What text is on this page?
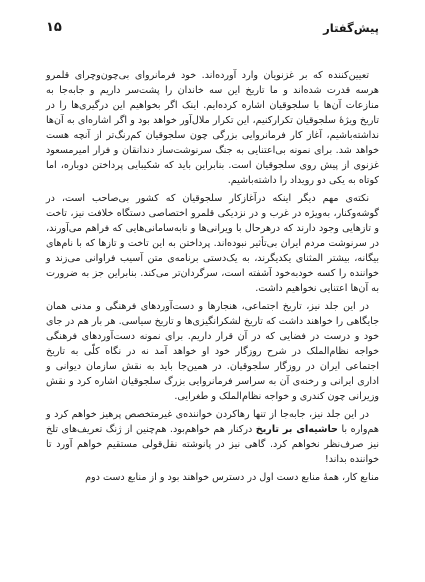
پیش‌گفتار
۱۵

تعیین‌کننده که بر غزنویان وارد آورده‌اند. خود فرمانروای بی‌چون‌وچرای قلمرو هرسه قدرت شده‌اند و ما تاریخ این سه خاندان را پشت‌سر داریم و جابه‌جا به منازعات آن‌ها با سلجوقیان اشاره کرده‌ایم. اینک اگر بخواهیم این درگیری‌ها را در تاریخ ویژهٔ سلجوقیان تکرارکنیم، این تکرار ملال‌آور خواهد بود و اگر اشاره‌ای به آن‌ها نداشته‌باشیم، آغاز کار فرمانروایی بزرگی چون سلجوقیان کم‌رنگ‌تر از آنچه هست خواهد شد. برای نمونه بی‌اعتنایی به جنگ سرنوشت‌ساز دندانقان و فرار امیرمسعود غزنوی از پیش روی سلجوقیان است. بنابراین باید که شکیبایی پرداختن دوباره، اما کوتاه به یکی دو رویداد را داشته‌باشیم.

نکته‌ی مهم دیگر اینکه درآغازکار سلجوقیان که کشور بی‌صاحب است، در گوشه‌وکنار، به‌ویژه در غرب و در نزدیکی قلمرو اختصاصی دستگاه خلافت نیز، تاخت و تازهایی وجود دارند که درهرحال با ویرانی‌ها و نابه‌سامانی‌هایی که فراهم می‌آورند، در سرنوشت مردم ایران بی‌تأثیر نبوده‌اند. پرداختن به این تاخت و تازها که با نام‌های بیگانه، بیشتر المثنای یکدیگرند، به یک‌دستی برنامه‌ی متن آسیب فراوانی می‌زند و خواننده را کسه خودبه‌خود آشفته است، سرگردان‌تر می‌کند. بنابراین جز به ضرورت به آن‌ها اعتنایی نخواهیم داشت.

در این جلد نیز، تاریخ اجتماعی، هنجارها و دست‌آوردهای فرهنگی و مدنی همان جایگاهی را خواهند داشت که تاریخ لشکرانگیزی‌ها و تاریخ سیاسی. هر بار هم در جای خود و درست در فضایی که در آن قرار داریم. برای نمونه دست‌آوردهای فرهنگی خواجه نظام‌الملک در شرح روزگار خود او خواهد آمد نه در نگاه کلّی به تاریخ اجتماعی ایران در روزگار سلجوقیان. در همین‌جا باید به نقش سازمان دیوانی و اداری ایرانی و رخنه‌ی آن به سراسر فرمانروایی بزرگ سلجوقیان اشاره کرد و نقش وزیرانی چون کندری و خواجه نظام‌الملک و طغرایی.

در این جلد نیز، جابه‌جا از تنها رهاکردن خواننده‌ی غیرمتخصص پرهیز خواهم کرد و هم‌واره با حاشیه‌ای بر تاریخ درکنار هم خواهم‌بود. هم‌چنین از ژنگ تعریف‌های تلخ نیز صرف‌نظر نخواهم کرد. گاهی نیز در پانوشته نقل‌قولی مستقیم خواهم آورد تا خواننده بداند!

منابع کار، همهٔ منابع دست اول در دسترس خواهند بود و از منابع دست دوم
